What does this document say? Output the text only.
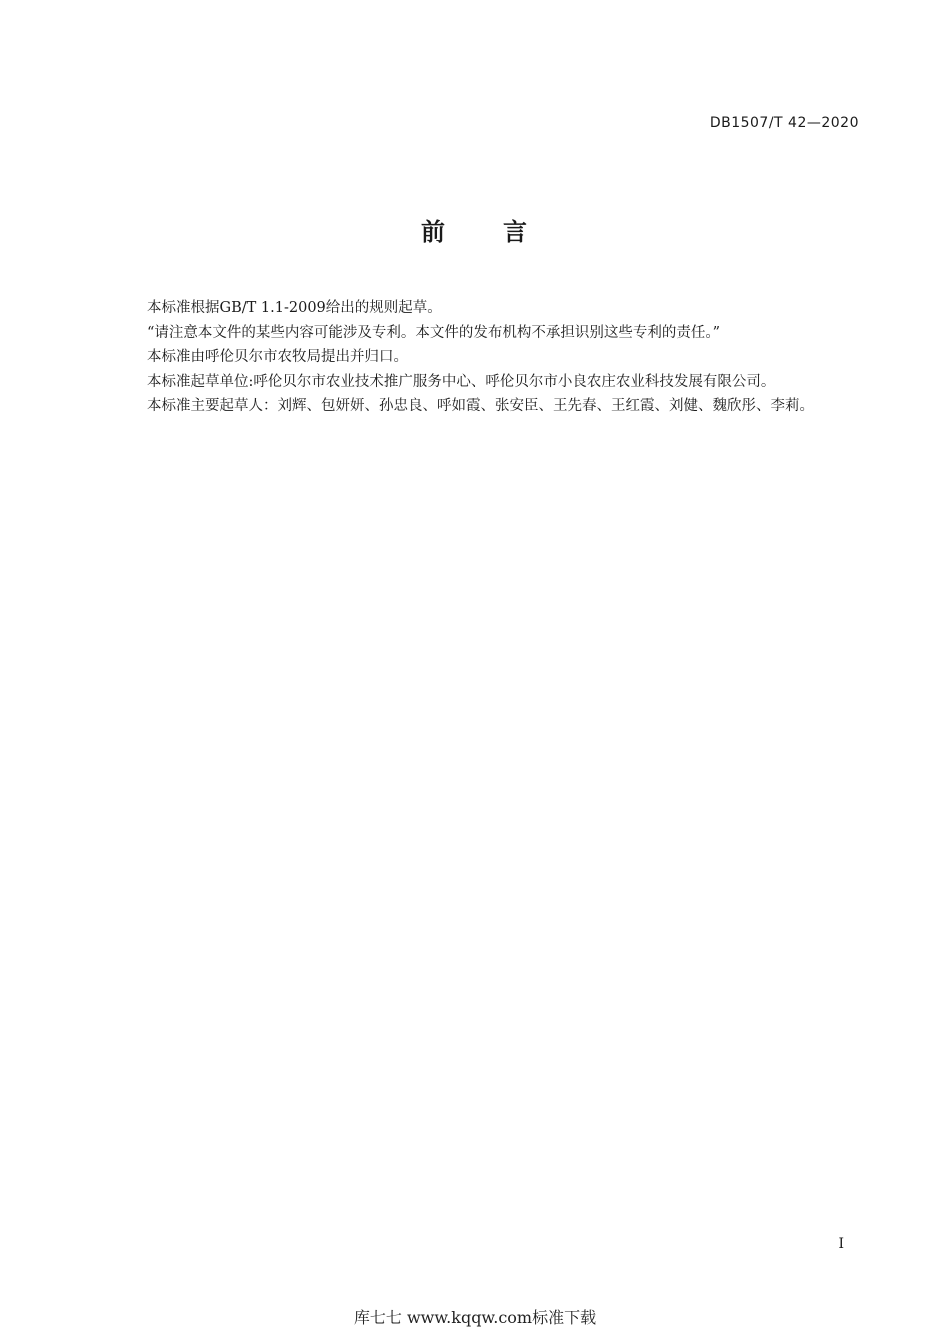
DB1507/T 42—2020
前 言

本标准根据GB/T 1.1-2009给出的规则起草。

“请注意本文件的某些内容可能涉及专利。本文件的发布机构不承担识别这些专利的责任。”

本标准由呼伦贝尔市农牧局提出并归口。

本标准起草单位:呼伦贝尔市农业技术推广服务中心、呼伦贝尔市小良农庄农业科技发展有限公司。

本标准主要起草人：刘辉、包妍妍、孙忠良、呼如霞、张安臣、王先春、王红霞、刘健、魏欣彤、李莉。

I
库七七 www.kqqw.com标准下载
